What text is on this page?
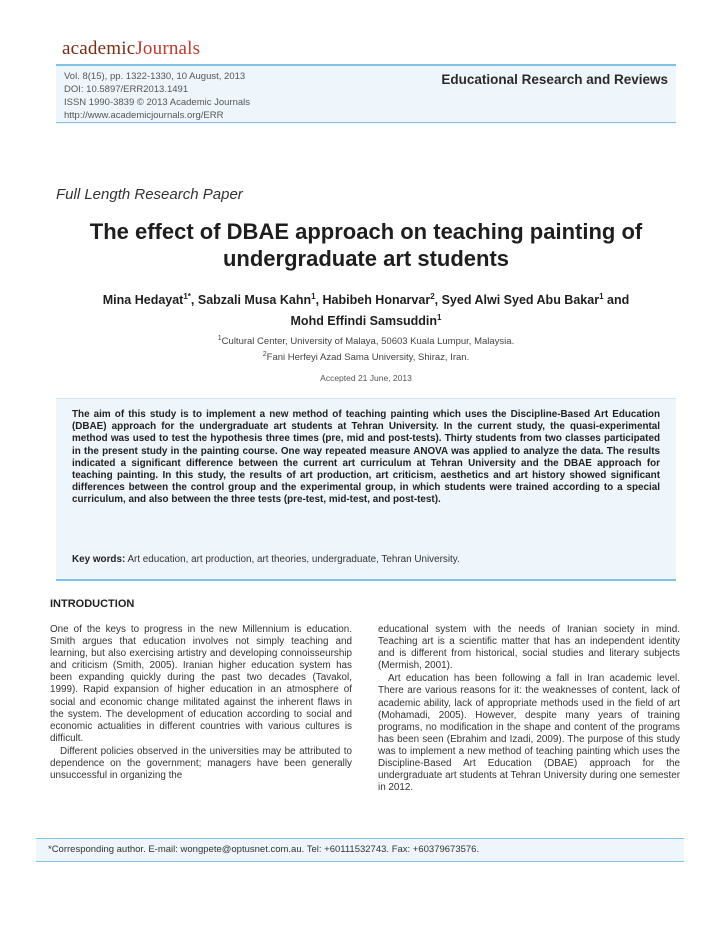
academicJournals
Vol. 8(15), pp. 1322-1330, 10 August, 2013
DOI: 10.5897/ERR2013.1491
ISSN 1990-3839 © 2013 Academic Journals
http://www.academicjournals.org/ERR
Educational Research and Reviews
Full Length Research Paper
The effect of DBAE approach on teaching painting of
undergraduate art students
Mina Hedayat$^{1*}$, Sabzali Musa Kahn$^1$, Habibeh Honarvar$^2$, Syed Alwi Syed Abu Bakar$^1$ and
Mohd Effindi Samsuddin$^1$
$^1$Cultural Center, University of Malaya, 50603 Kuala Lumpur, Malaysia.
$^2$Fani Herfeyi Azad Sama University, Shiraz, Iran.
Accepted 21 June, 2013
The aim of this study is to implement a new method of teaching painting which uses the Discipline-Based Art Education (DBAE) approach for the undergraduate art students at Tehran University. In the current study, the quasi-experimental method was used to test the hypothesis three times (pre, mid and post-tests). Thirty students from two classes participated in the present study in the painting course. One way repeated measure ANOVA was applied to analyze the data. The results indicated a significant difference between the current art curriculum at Tehran University and the DBAE approach for teaching painting. In this study, the results of art production, art criticism, aesthetics and art history showed significant differences between the control group and the experimental group, in which students were trained according to a special curriculum, and also between the three tests (pre-test, mid-test, and post-test).
Key words: Art education, art production, art theories, undergraduate, Tehran University.
INTRODUCTION

One of the keys to progress in the new Millennium is education. Smith argues that education involves not simply teaching and learning, but also exercising artistry and developing connoisseurship and criticism (Smith, 2005). Iranian higher education system has been expanding quickly during the past two decades (Tavakol, 1999). Rapid expansion of higher education in an atmosphere of social and economic change militated against the inherent flaws in the system. The development of education according to social and economic actualities in different countries with various cultures is difficult.

Different policies observed in the universities may be attributed to dependence on the government; managers have been generally unsuccessful in organizing the

educational system with the needs of Iranian society in mind. Teaching art is a scientific matter that has an independent identity and is different from historical, social studies and literary subjects (Mermish, 2001).

Art education has been following a fall in Iran academic level. There are various reasons for it: the weaknesses of content, lack of academic ability, lack of appropriate methods used in the field of art (Mohamadi, 2005). However, despite many years of training programs, no modification in the shape and content of the programs has been seen (Ebrahim and Izadi, 2009). The purpose of this study was to implement a new method of teaching painting which uses the Discipline-Based Art Education (DBAE) approach for the undergraduate art students at Tehran University during one semester in 2012.

*Corresponding author. E-mail: wongpete@optusnet.com.au. Tel: +60111532743. Fax: +60379673576.
